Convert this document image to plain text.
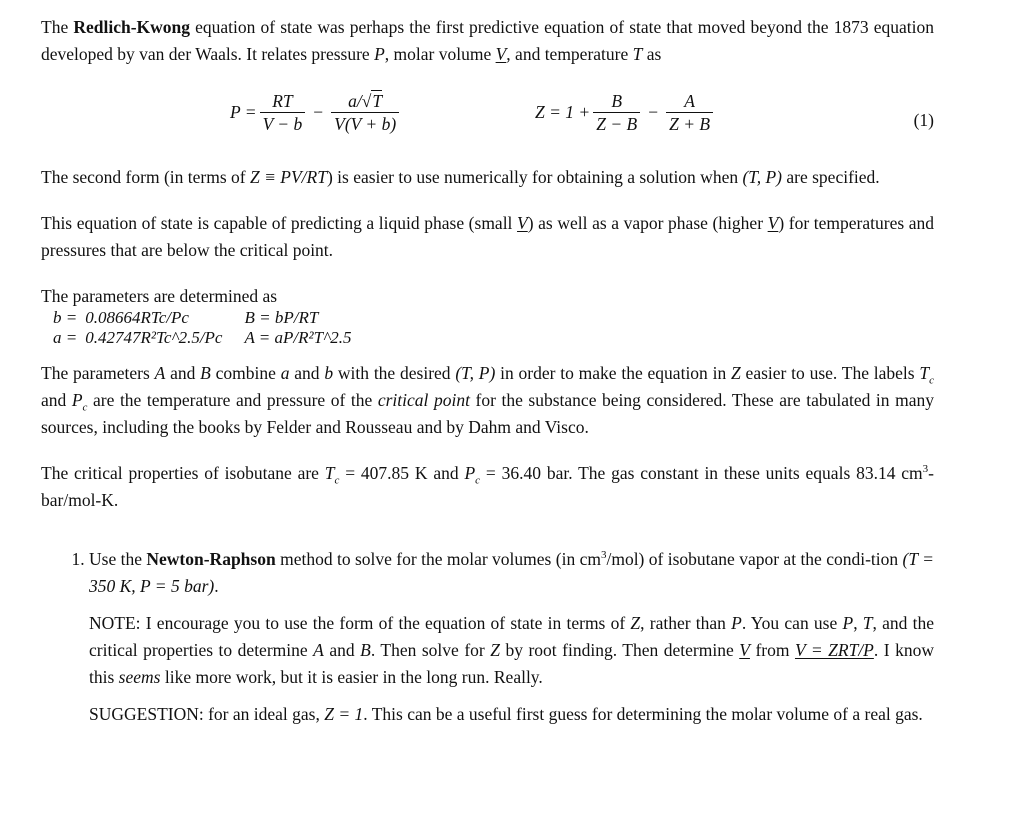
The Redlich-Kwong equation of state was perhaps the first predictive equation of state that moved beyond the 1873 equation developed by van der Waals. It relates pressure P, molar volume V, and temperature T as

$P = \frac{RT}{V - b} - \frac{a/√T}{V(V + b)}$	$Z = 1 + \frac{B}{Z - B} - \frac{A}{Z + B}$	(1)

The second form (in terms of Z ≡ PV/RT) is easier to use numerically for obtaining a solution when (T, P) are specified.

This equation of state is capable of predicting a liquid phase (small V) as well as a vapor phase (higher V) for temperatures and pressures that are below the critical point.

The parameters are determined as

b =	0.08664RTc/Pc	B = bP/RT
a =	0.42747R²Tc^2.5/Pc	A = aP/R²T^2.5

The parameters A and B combine a and b with the desired (T, P) in order to make the equation in Z easier to use. The labels $T_c$ and $P_c$ are the temperature and pressure of the critical point for the substance being considered. These are tabulated in many sources, including the books by Felder and Rousseau and by Dahm and Visco.

The critical properties of isobutane are $T_c = 407.85$ K and $P_c = 36.40$ bar. The gas constant in these units equals 83.14 $cm^3-bar/mol-K$.

1. Use the Newton-Raphson method to solve for the molar volumes (in $cm^3/mol$) of isobutane vapor at the condi-tion (T = 350 K, P = 5 bar).

NOTE: I encourage you to use the form of the equation of state in terms of Z, rather than P. You can use P, T, and the critical properties to determine A and B. Then solve for Z by root finding. Then determine V from V = ZRT/P. I know this seems like more work, but it is easier in the long run. Really.

SUGGESTION: for an ideal gas, Z = 1. This can be a useful first guess for determining the molar volume of a real gas.
